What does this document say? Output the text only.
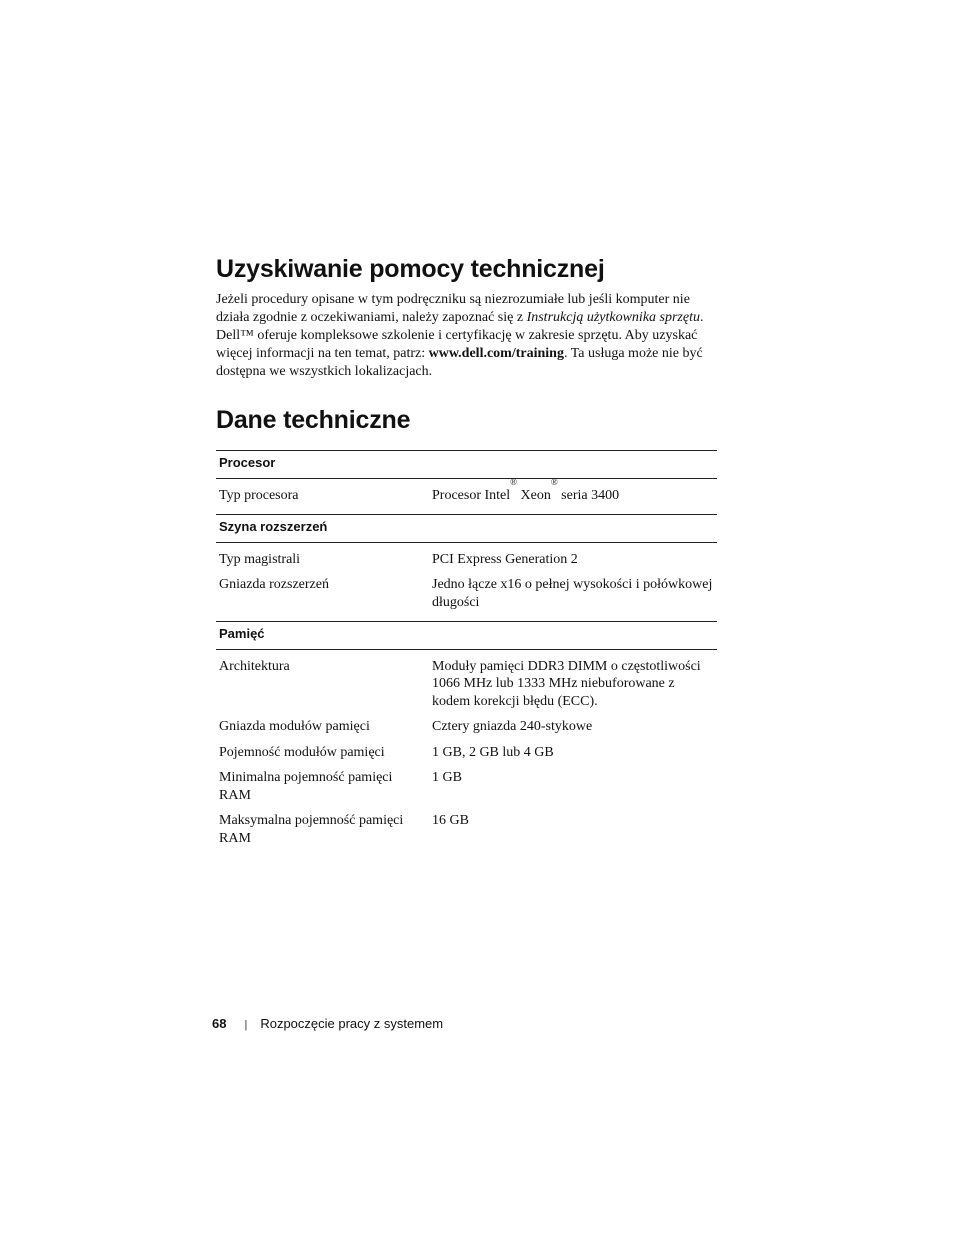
Uzyskiwanie pomocy technicznej

Jeżeli procedury opisane w tym podręczniku są niezrozumiałe lub jeśli komputer nie działa zgodnie z oczekiwaniami, należy zapoznać się z Instrukcją użytkownika sprzętu. Dell™ oferuje kompleksowe szkolenie i certyfikację w zakresie sprzętu. Aby uzyskać więcej informacji na ten temat, patrz: www.dell.com/training. Ta usługa może nie być dostępna we wszystkich lokalizacjach.

Dane techniczne
Procesor	
Typ procesora	Procesor Intel® Xeon® seria 3400

Szyna rozszerzeń	
Typ magistrali	PCI Express Generation 2
Gniazda rozszerzeń	Jedno łącze x16 o pełnej wysokości i połówkowej długości

Pamięć	
Architektura	Moduły pamięci DDR3 DIMM o częstotliwości 1066 MHz lub 1333 MHz niebuforowane z kodem korekcji błędu (ECC).
Gniazda modułów pamięci	Cztery gniazda 240-stykowe
Pojemność modułów pamięci	1 GB, 2 GB lub 4 GB
Minimalna pojemność pamięci RAM	1 GB
Maksymalna pojemność pamięci RAM	16 GB
68 | Rozpoczęcie pracy z systemem
